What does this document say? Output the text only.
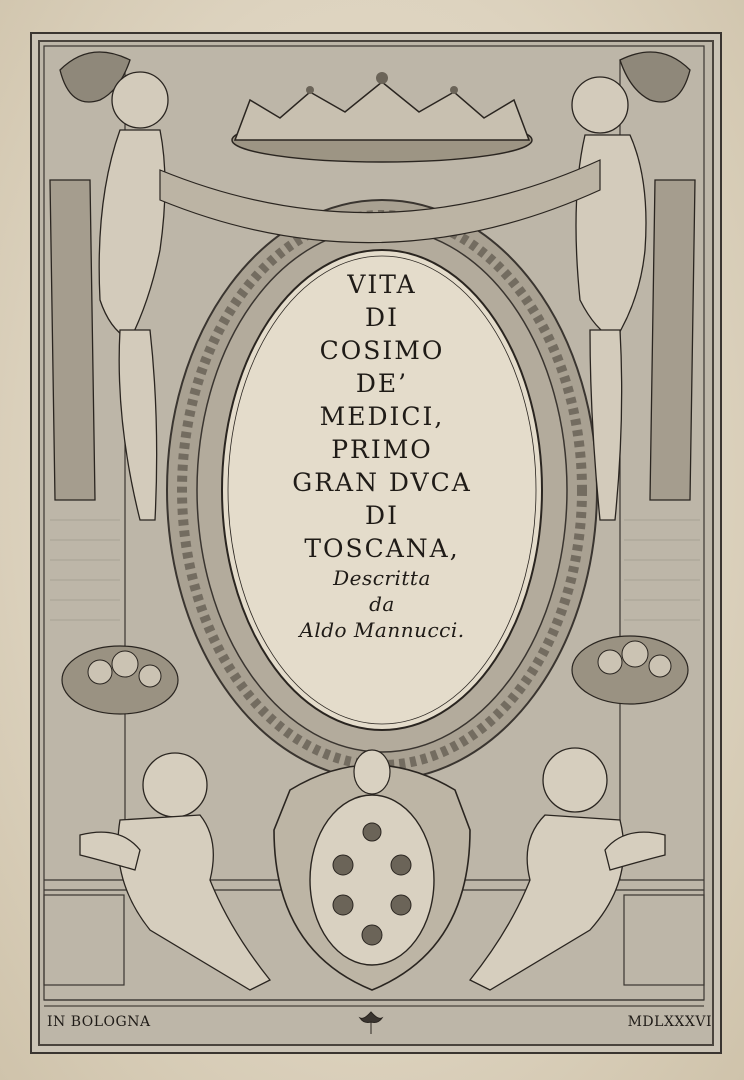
VITA
DI
COSIMO
DE’
MEDICI,
PRIMO
GRAN DVCA
DI
TOSCANA,
Descritta
da
Aldo Mannucci.
IN BOLOGNA	MDLXXXVI
